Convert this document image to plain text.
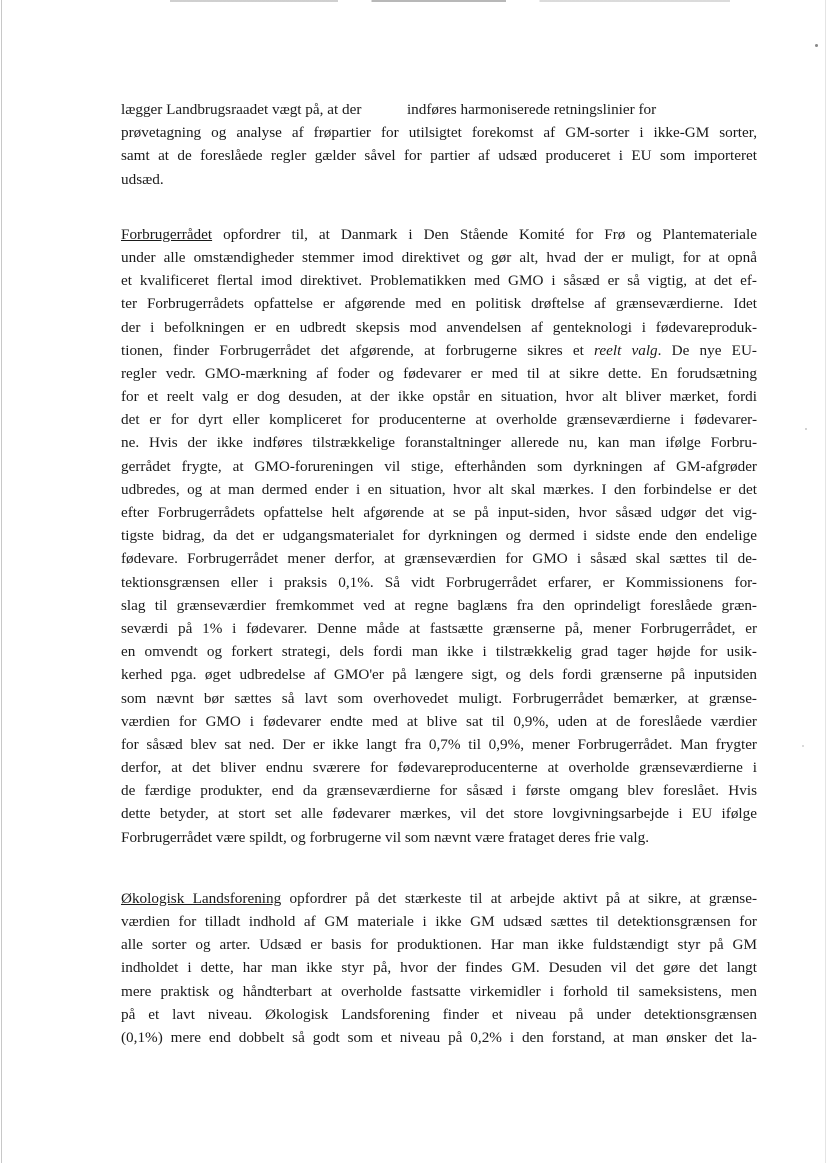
lægger Landbrugsraadet vægt på, at der            indføres harmoniserede retningslinier for
prøvetagning og analyse af frøpartier for utilsigtet forekomst af GM-sorter i ikke-GM sorter,
samt at de foreslåede regler gælder såvel for partier af udsæd produceret i EU som importeret
udsæd.
Forbrugerrådet opfordrer til, at Danmark i Den Stående Komité for Frø og Plantemateriale
under alle omstændigheder stemmer imod direktivet og gør alt, hvad der er muligt, for at opnå
et kvalificeret flertal imod direktivet. Problematikken med GMO i såsæd er så vigtig, at det ef-
ter Forbrugerrådets opfattelse er afgørende med en politisk drøftelse af grænseværdierne. Idet
der i befolkningen er en udbredt skepsis mod anvendelsen af genteknologi i fødevareproduk-
tionen, finder Forbrugerrådet det afgørende, at forbrugerne sikres et reelt valg. De nye EU-
regler vedr. GMO-mærkning af foder og fødevarer er med til at sikre dette. En forudsætning
for et reelt valg er dog desuden, at der ikke opstår en situation, hvor alt bliver mærket, fordi
det er for dyrt eller kompliceret for producenterne at overholde grænseværdierne i fødevarer-
ne. Hvis der ikke indføres tilstrækkelige foranstaltninger allerede nu, kan man ifølge Forbru-
gerrådet frygte, at GMO-forureningen vil stige, efterhånden som dyrkningen af GM-afgrøder
udbredes, og at man dermed ender i en situation, hvor alt skal mærkes. I den forbindelse er det
efter Forbrugerrådets opfattelse helt afgørende at se på input-siden, hvor såsæd udgør det vig-
tigste bidrag, da det er udgangsmaterialet for dyrkningen og dermed i sidste ende den endelige
fødevare. Forbrugerrådet mener derfor, at grænseværdien for GMO i såsæd skal sættes til de-
tektionsgrænsen eller i praksis 0,1%. Så vidt Forbrugerrådet erfarer, er Kommissionens for-
slag til grænseværdier fremkommet ved at regne baglæns fra den oprindeligt foreslåede græn-
seværdi på 1% i fødevarer. Denne måde at fastsætte grænserne på, mener Forbrugerrådet, er
en omvendt og forkert strategi, dels fordi man ikke i tilstrækkelig grad tager højde for usik-
kerhed pga. øget udbredelse af GMO'er på længere sigt, og dels fordi grænserne på inputsiden
som nævnt bør sættes så lavt som overhovedet muligt. Forbrugerrådet bemærker, at grænse-
værdien for GMO i fødevarer endte med at blive sat til 0,9%, uden at de foreslåede værdier
for såsæd blev sat ned. Der er ikke langt fra 0,7% til 0,9%, mener Forbrugerrådet. Man frygter
derfor, at det bliver endnu sværere for fødevareproducenterne at overholde grænseværdierne i
de færdige produkter, end da grænseværdierne for såsæd i første omgang blev foreslået. Hvis
dette betyder, at stort set alle fødevarer mærkes, vil det store lovgivningsarbejde i EU ifølge
Forbrugerrådet være spildt, og forbrugerne vil som nævnt være frataget deres frie valg.
Økologisk Landsforening opfordrer på det stærkeste til at arbejde aktivt på at sikre, at grænse-
værdien for tilladt indhold af GM materiale i ikke GM udsæd sættes til detektionsgrænsen for
alle sorter og arter. Udsæd er basis for produktionen. Har man ikke fuldstændigt styr på GM
indholdet i dette, har man ikke styr på, hvor der findes GM. Desuden vil det gøre det langt
mere praktisk og håndterbart at overholde fastsatte virkemidler i forhold til sameksistens, men
på et lavt niveau. Økologisk Landsforening finder et niveau på under detektionsgrænsen
(0,1%) mere end dobbelt så godt som et niveau på 0,2% i den forstand, at man ønsker det la-
